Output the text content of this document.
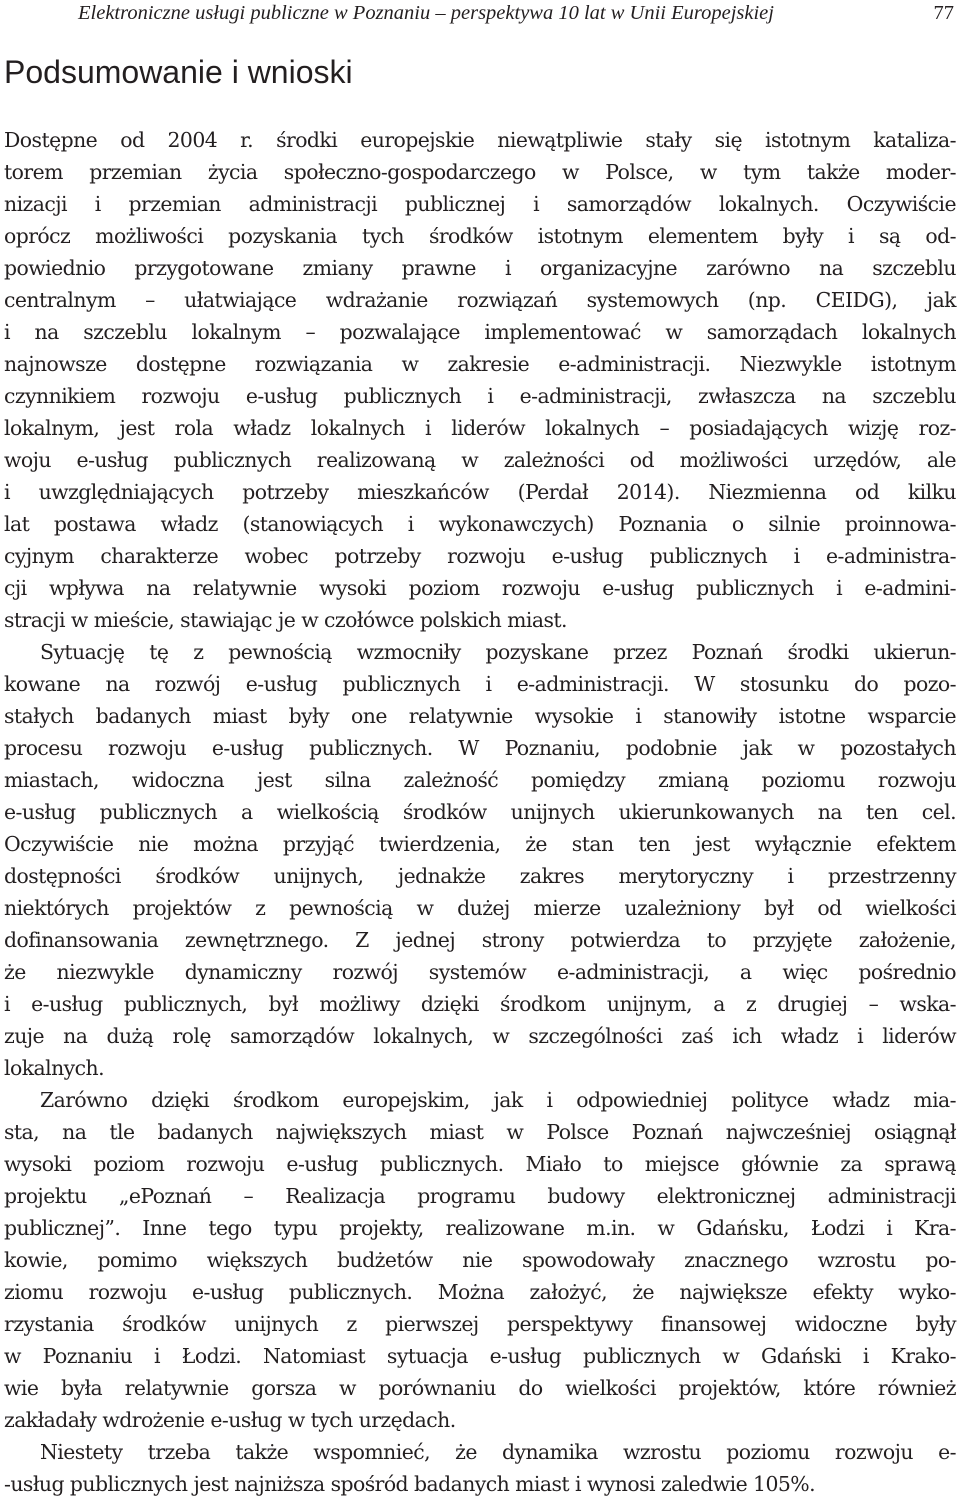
Elektroniczne usługi publiczne w Poznaniu – perspektywa 10 lat w Unii Europejskiej	77
Podsumowanie i wnioski
Dostępne od 2004 r. środki europejskie niewątpliwie stały się istotnym kataliza-
torem przemian życia społeczno-gospodarczego w Polsce, w tym także moder-
nizacji i przemian administracji publicznej i samorządów lokalnych. Oczywiście
oprócz możliwości pozyskania tych środków istotnym elementem były i są od-
powiednio przygotowane zmiany prawne i organizacyjne zarówno na szczeblu
centralnym – ułatwiające wdrażanie rozwiązań systemowych (np. CEIDG), jak
i na szczeblu lokalnym – pozwalające implementować w samorządach lokalnych
najnowsze dostępne rozwiązania w zakresie e-administracji. Niezwykle istotnym
czynnikiem rozwoju e-usług publicznych i e-administracji, zwłaszcza na szczeblu
lokalnym, jest rola władz lokalnych i liderów lokalnych – posiadających wizję roz-
woju e-usług publicznych realizowaną w zależności od możliwości urzędów, ale
i uwzględniających potrzeby mieszkańców (Perdał 2014). Niezmienna od kilku
lat postawa władz (stanowiących i wykonawczych) Poznania o silnie proinnowa-
cyjnym charakterze wobec potrzeby rozwoju e-usług publicznych i e-administra-
cji wpływa na relatywnie wysoki poziom rozwoju e-usług publicznych i e-admini-
stracji w mieście, stawiając je w czołówce polskich miast.
Sytuację tę z pewnością wzmocniły pozyskane przez Poznań środki ukierun-
kowane na rozwój e-usług publicznych i e-administracji. W stosunku do pozo-
stałych badanych miast były one relatywnie wysokie i stanowiły istotne wsparcie
procesu rozwoju e-usług publicznych. W Poznaniu, podobnie jak w pozostałych
miastach, widoczna jest silna zależność pomiędzy zmianą poziomu rozwoju
e-usług publicznych a wielkością środków unijnych ukierunkowanych na ten cel.
Oczywiście nie można przyjąć twierdzenia, że stan ten jest wyłącznie efektem
dostępności środków unijnych, jednakże zakres merytoryczny i przestrzenny
niektórych projektów z pewnością w dużej mierze uzależniony był od wielkości
dofinansowania zewnętrznego. Z jednej strony potwierdza to przyjęte założenie,
że niezwykle dynamiczny rozwój systemów e-administracji, a więc pośrednio
i e-usług publicznych, był możliwy dzięki środkom unijnym, a z drugiej – wska-
zuje na dużą rolę samorządów lokalnych, w szczególności zaś ich władz i liderów
lokalnych.
Zarówno dzięki środkom europejskim, jak i odpowiedniej polityce władz mia-
sta, na tle badanych największych miast w Polsce Poznań najwcześniej osiągnął
wysoki poziom rozwoju e-usług publicznych. Miało to miejsce głównie za sprawą
projektu „ePoznań – Realizacja programu budowy elektronicznej administracji
publicznej”. Inne tego typu projekty, realizowane m.in. w Gdańsku, Łodzi i Kra-
kowie, pomimo większych budżetów nie spowodowały znacznego wzrostu po-
ziomu rozwoju e-usług publicznych. Można założyć, że największe efekty wyko-
rzystania środków unijnych z pierwszej perspektywy finansowej widoczne były
w Poznaniu i Łodzi. Natomiast sytuacja e-usług publicznych w Gdański i Krako-
wie była relatywnie gorsza w porównaniu do wielkości projektów, które również
zakładały wdrożenie e-usług w tych urzędach.
Niestety trzeba także wspomnieć, że dynamika wzrostu poziomu rozwoju e-
-usług publicznych jest najniższa spośród badanych miast i wynosi zaledwie 105%.
